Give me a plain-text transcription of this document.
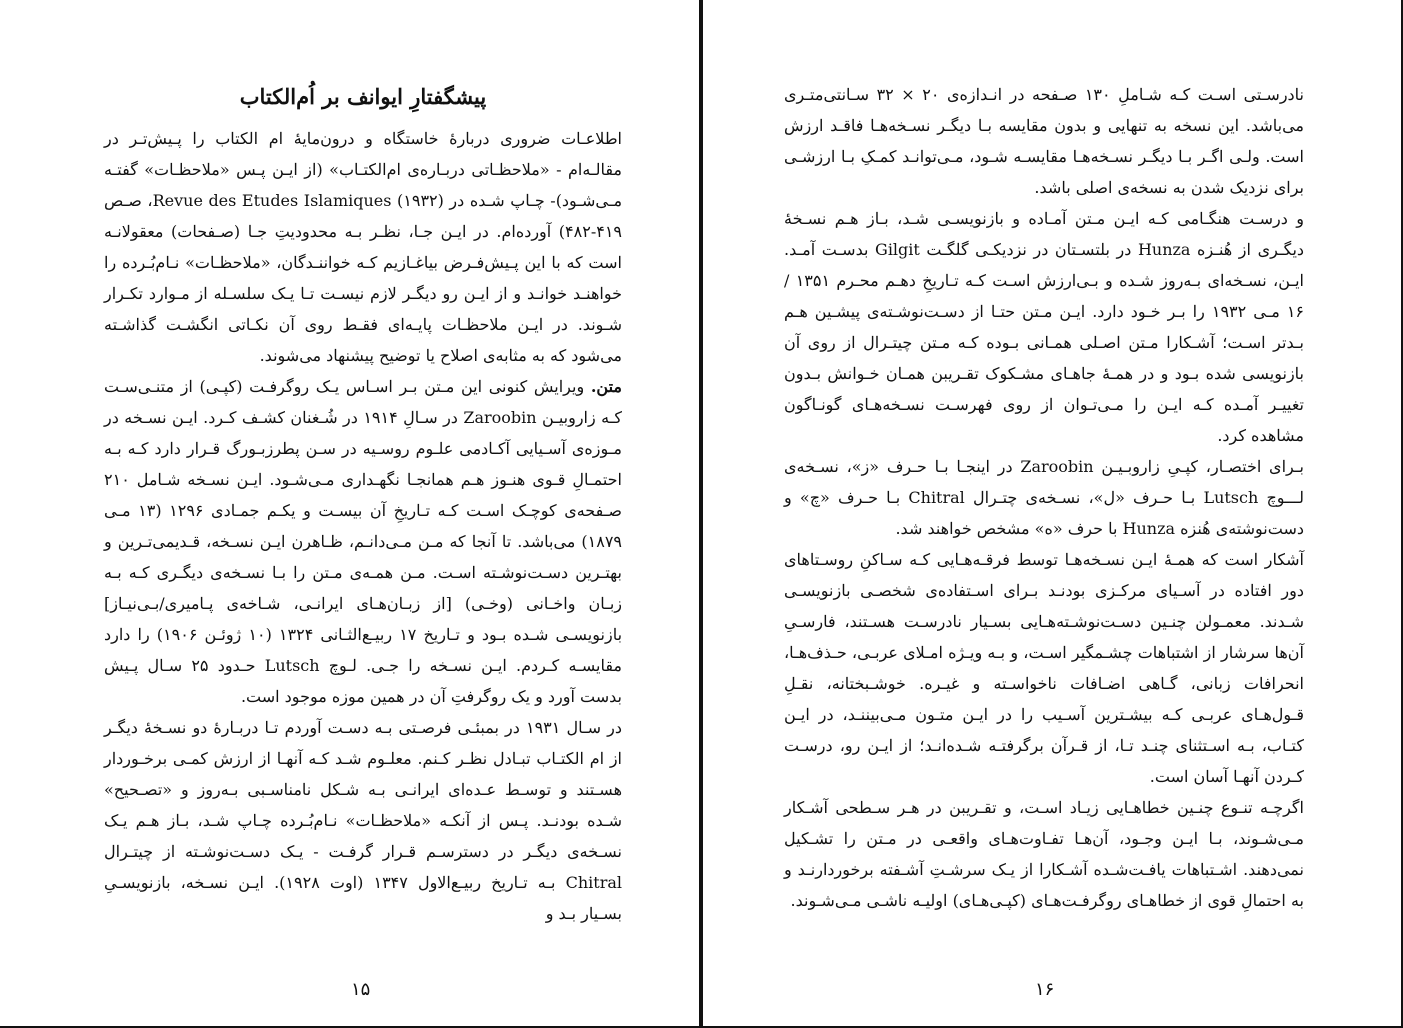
پیشگفتارِ ایوانف بر اُم‌الکتاب

اطلاعـات ضروری دربارهٔ خاستگاه و درون‌مایهٔ ام الکتاب را پـیش‌تـر در مقالـه‌ام - «ملاحظـاتی دربـاره‌ی ام‌الکتـاب» (از ایـن پـس «ملاحظـات» گفتـه مـی‌شـود)- چـاپ شـده در Revue des Etudes Islamiques (۱۹۳۲)، صـص ۴۱۹-۴۸۲) آورده‌ام. در ایـن جـا، نظـر بـه محدودیتِ جـا (صـفحات) معقولانـه است که با این پـیش‌فـرض بیاغـازیم کـه خواننـدگان، «ملاحظـات» نـام‌بُـرده را خواهنـد خوانـد و از ایـن رو دیگـر لازم نیسـت تـا یـک سلسـله از مـوارد تکـرار شـوند. در ایـن ملاحظـات پایـه‌ای فقـط روی آن نکـاتی انگشـت گذاشـته می‌شود که به مثابه‌ی اصلاح یا توضیح پیشنهاد می‌شوند.

متن. ویرایش کنونی این مـتن بـر اسـاس یـک روگرفـت (کپـی) از متنـی‌سـت کـه زاروبیـن Zaroobin در سـالِ ۱۹۱۴ در شُـغنان کشـف کـرد. ایـن نسـخه در مـوزه‌ی آسـیایی آکـادمی علـوم روسـیه در سـن پطرزبـورگ قـرار دارد کـه بـه احتمـالِ قـوی هنـوز هـم همانجـا نگهـداری مـی‌شـود. ایـن نسـخه شـامل ۲۱۰ صـفحه‌ی کوچـک اسـت کـه تـاریخِ آن بیسـت و یکـم جمـادی ۱۲۹۶ (۱۳ مـی ۱۸۷۹) می‌باشد. تا آنجا که مـن مـی‌دانـم، ظـاهرن ایـن نسـخه، قـدیمی‌تـرین و بهتـرین دسـت‌نوشـته اسـت. مـن همـه‌ی مـتن را بـا نسـخه‌ی دیگـری کـه بـه زبـان واخـانی (وخـی) [از زبـان‌هـای ایرانـی، شـاخه‌ی پـامیری/بـی‌نیـاز] بازنویسـی شـده بـود و تـاریخ ۱۷ ربیـع‌الثـانی ۱۳۲۴ (۱۰ ژوئـن ۱۹۰۶) را دارد مقایسـه کـردم. ایـن نسـخه را جـی. لـوچ Lutsch حـدود ۲۵ سـال پـیش بدست آورد و یک روگرفتِ آن در همین موزه موجود است.

در سـال ۱۹۳۱ در بمبئـی فرصـتی بـه دسـت آوردم تـا دربـارهٔ دو نسـخهٔ دیگـر از ام الکتـاب تبـادل نظـر کـنم. معلـوم شـد کـه آنهـا از ارزش کمـی برخـوردار هسـتند و توسـط عـده‌ای ایرانـی بـه شـکل نامناسـبی بـه‌روز و «تصـحیح» شـده بودنـد. پـس از آنکـه «ملاحظـات» نـام‌بُـرده چـاپ شـد، بـاز هـم یـک نسـخه‌ی دیگـر در دسترسـم قـرار گرفـت - یـک دسـت‌نوشـته از چیتـرال Chitral بـه تـاریخ ربیـع‌الاول ۱۳۴۷ (اوت ۱۹۲۸). ایـن نسـخه، بازنویسـیِ بسـیار بـد و

۱۵

نادرسـتی اسـت کـه شـاملِ ۱۳۰ صـفحه در انـدازه‌ی ۲۰ × ۳۲ سـانتی‌متـری می‌باشد. این نسخه به تنهایی و بدون مقایسه بـا دیگـر نسـخه‌هـا فاقـد ارزش است. ولـی اگـر بـا دیگـر نسـخه‌هـا مقایسـه شـود، مـی‌توانـد کمـکِ بـا ارزشـی برای نزدیک شدن به نسخه‌ی اصلی باشد.

و درسـت هنگـامی کـه ایـن مـتن آمـاده و بازنویسـی شـد، بـاز هـم نسـخهٔ دیگـری از هُنـزه Hunza در بلتسـتان در نزدیکـی گلگـت Gilgit بدسـت آمـد. ایـن، نسـخه‌ای بـه‌روز شـده و بـی‌ارزش اسـت کـه تـاریخِ دهـم محـرم ۱۳۵۱ / ۱۶ مـی ۱۹۳۲ را بـر خـود دارد. ایـن مـتن حتـا از دسـت‌نوشـته‌ی پیشـین هـم بـدتر اسـت؛ آشـکارا مـتن اصـلی همـانی بـوده کـه مـتن چیتـرال از روی آن بازنویسی شده بـود و در همـهٔ جاهـای مشـکوک تقـریبن همـان خـوانش بـدون تغییـر آمـده کـه ایـن را مـی‌تـوان از روی فهرسـت نسـخه‌هـای گونـاگون مشاهده کرد.

بـرای اختصـار، کپـیِ زاروبـیـن Zaroobin در اینجـا بـا حـرف «ز»، نسـخه‌ی لـــوچ Lutsch بـا حـرف «ل»، نسـخه‌ی چتـرال Chitral بـا حـرف «چ» و دست‌نوشته‌ی هُنزه Hunza با حرف «ه» مشخص خواهند شد.

آشکار است که همـهٔ ایـن نسـخه‌هـا توسط فرقـه‌هـایی کـه سـاکنِ روسـتاهای دور افتاده در آسـیای مرکـزی بودنـد بـرای اسـتفاده‌ی شخصـی بازنویسـی شـدند. معمـولن چنـین دسـت‌نوشـته‌هـایی بسـیار نادرسـت هسـتند، فارسـیِ آن‌ها سرشار از اشتباهات چشـمگیر اسـت، و بـه ویـژه امـلای عربـی، حـذف‌هـا، انحرافات زبانی، گـاهی اضـافات ناخواسـته و غیـره. خوشـبختانه، نقـلِ قـول‌هـای عربـی کـه بیشـترین آسـیب را در ایـن متـون مـی‌بیننـد، در ایـن کتـاب، بـه اسـتثنای چنـد تـا، از قـرآن برگرفتـه شـده‌انـد؛ از ایـن رو، درسـت کـردن آنهـا آسان است.

اگرچـه تنـوع چنـین خطاهـایی زیـاد اسـت، و تقـریبن در هـر سـطحی آشـکار مـی‌شـوند، بـا ایـن وجـود، آن‌هـا تفـاوت‌هـای واقعـی در مـتن را تشـکیل نمی‌دهند. اشـتباهات یافـت‌شـده آشـکارا از یـک سرشـتِ آشـفته برخوردارنـد و به احتمالِ قوی از خطاهـای روگرفـت‌هـای (کپـی‌هـای) اولیـه ناشـی مـی‌شـوند.

۱۶
